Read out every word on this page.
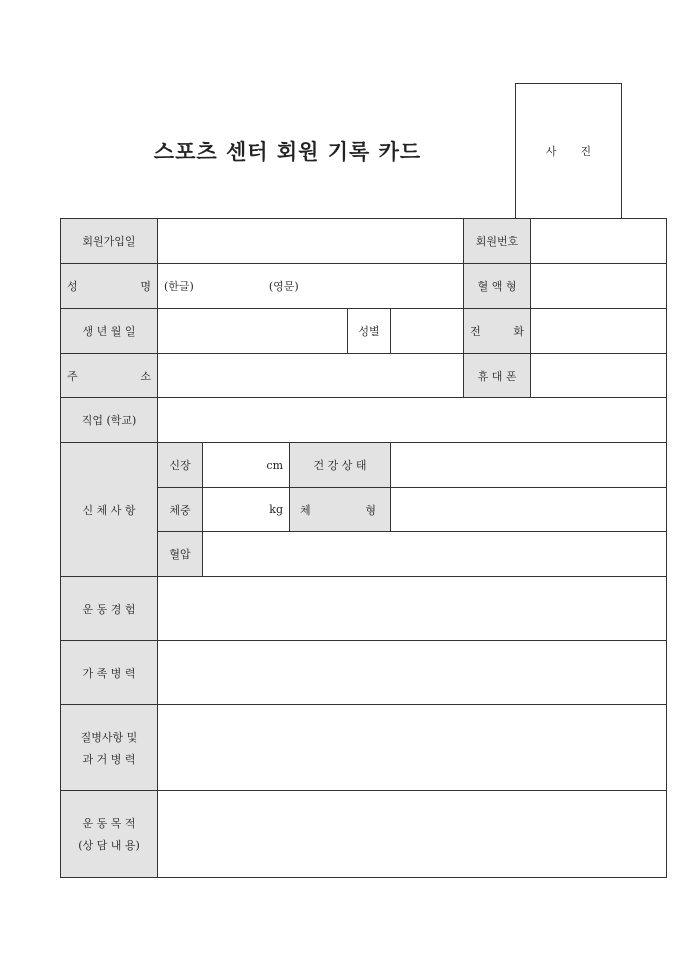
스포츠 센터 회원 기록 카드	사 진
회원가입일						회원번호	

성 명	(한글) (영문)					혈 액 형	
생 년 월 일				성별		전 화	

주 소						휴 대 폰	
직업 (학교)							
신 체 사 항	신장	cm	건 강 상 태				
	체중	kg	체 형				

	혈압						
운 동 경 험							
가 족 병 력							

질병사항 및
과 거 병 력							

운 동 목 적
(상 담 내 용)							
